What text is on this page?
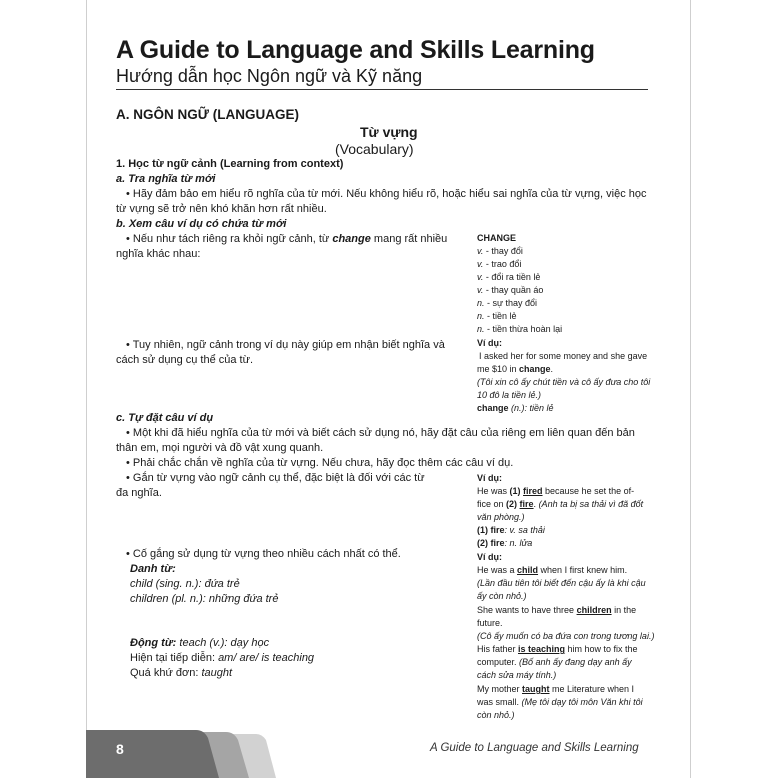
A Guide to Language and Skills Learning
Hướng dẫn học Ngôn ngữ và Kỹ năng
A. NGÔN NGỮ (LANGUAGE)
Từ vựng
(Vocabulary)
1. Học từ ngữ cảnh (Learning from context)
a. Tra nghĩa từ mới
• Hãy đảm bảo em hiểu rõ nghĩa của từ mới. Nếu không hiểu rõ, hoặc hiểu sai nghĩa của từ vựng, việc học
từ vựng sẽ trở nên khó khăn hơn rất nhiều.
b. Xem câu ví dụ có chứa từ mới
• Nếu như tách riêng ra khỏi ngữ cảnh, từ change mang rất nhiều
nghĩa khác nhau:
• Tuy nhiên, ngữ cảnh trong ví dụ này giúp em nhận biết nghĩa và
cách sử dụng cụ thể của từ.
CHANGE
v. - thay đổi
v. - trao đổi
v. - đổi ra tiền lẻ
v. - thay quần áo
n. - sự thay đổi
n. - tiền lẻ
n. - tiền thừa hoàn lại
Ví dụ:
I asked her for some money and she gave
me $10 in change.
(Tôi xin cô ấy chút tiền và cô ấy đưa cho tôi
10 đô la tiền lẻ.)
change (n.): tiền lẻ
c. Tự đặt câu ví dụ
• Một khi đã hiểu nghĩa của từ mới và biết cách sử dụng nó, hãy đặt câu của riêng em liên quan đến bản
thân em, mọi người và đồ vật xung quanh.
• Phải chắc chắn về nghĩa của từ vựng. Nếu chưa, hãy đọc thêm các câu ví dụ.
• Gắn từ vựng vào ngữ cảnh cụ thể, đặc biệt là đối với các từ
đa nghĩa.
Ví dụ:
He was (1) fired because he set the of-
fice on (2) fire. (Anh ta bị sa thải vì đã đốt
văn phòng.)
(1) fire: v. sa thải
(2) fire: n. lửa
• Cố gắng sử dụng từ vựng theo nhiều cách nhất có thể.
Danh từ:
child (sing. n.): đứa trẻ
children (pl. n.): những đứa trẻ
Động từ: teach (v.): dạy học
Hiện tại tiếp diễn: am/ are/ is teaching
Quá khứ đơn: taught
Ví dụ:
He was a child when I first knew him.
(Lần đầu tiên tôi biết đến cậu ấy là khi cậu
ấy còn nhỏ.)
She wants to have three children in the
future.
(Cô ấy muốn có ba đứa con trong tương lai.)
His father is teaching him how to fix the
computer. (Bố anh ấy đang dạy anh ấy
cách sửa máy tính.)
My mother taught me Literature when I
was small. (Mẹ tôi dạy tôi môn Văn khi tôi
còn nhỏ.)
8	A Guide to Language and Skills Learning
